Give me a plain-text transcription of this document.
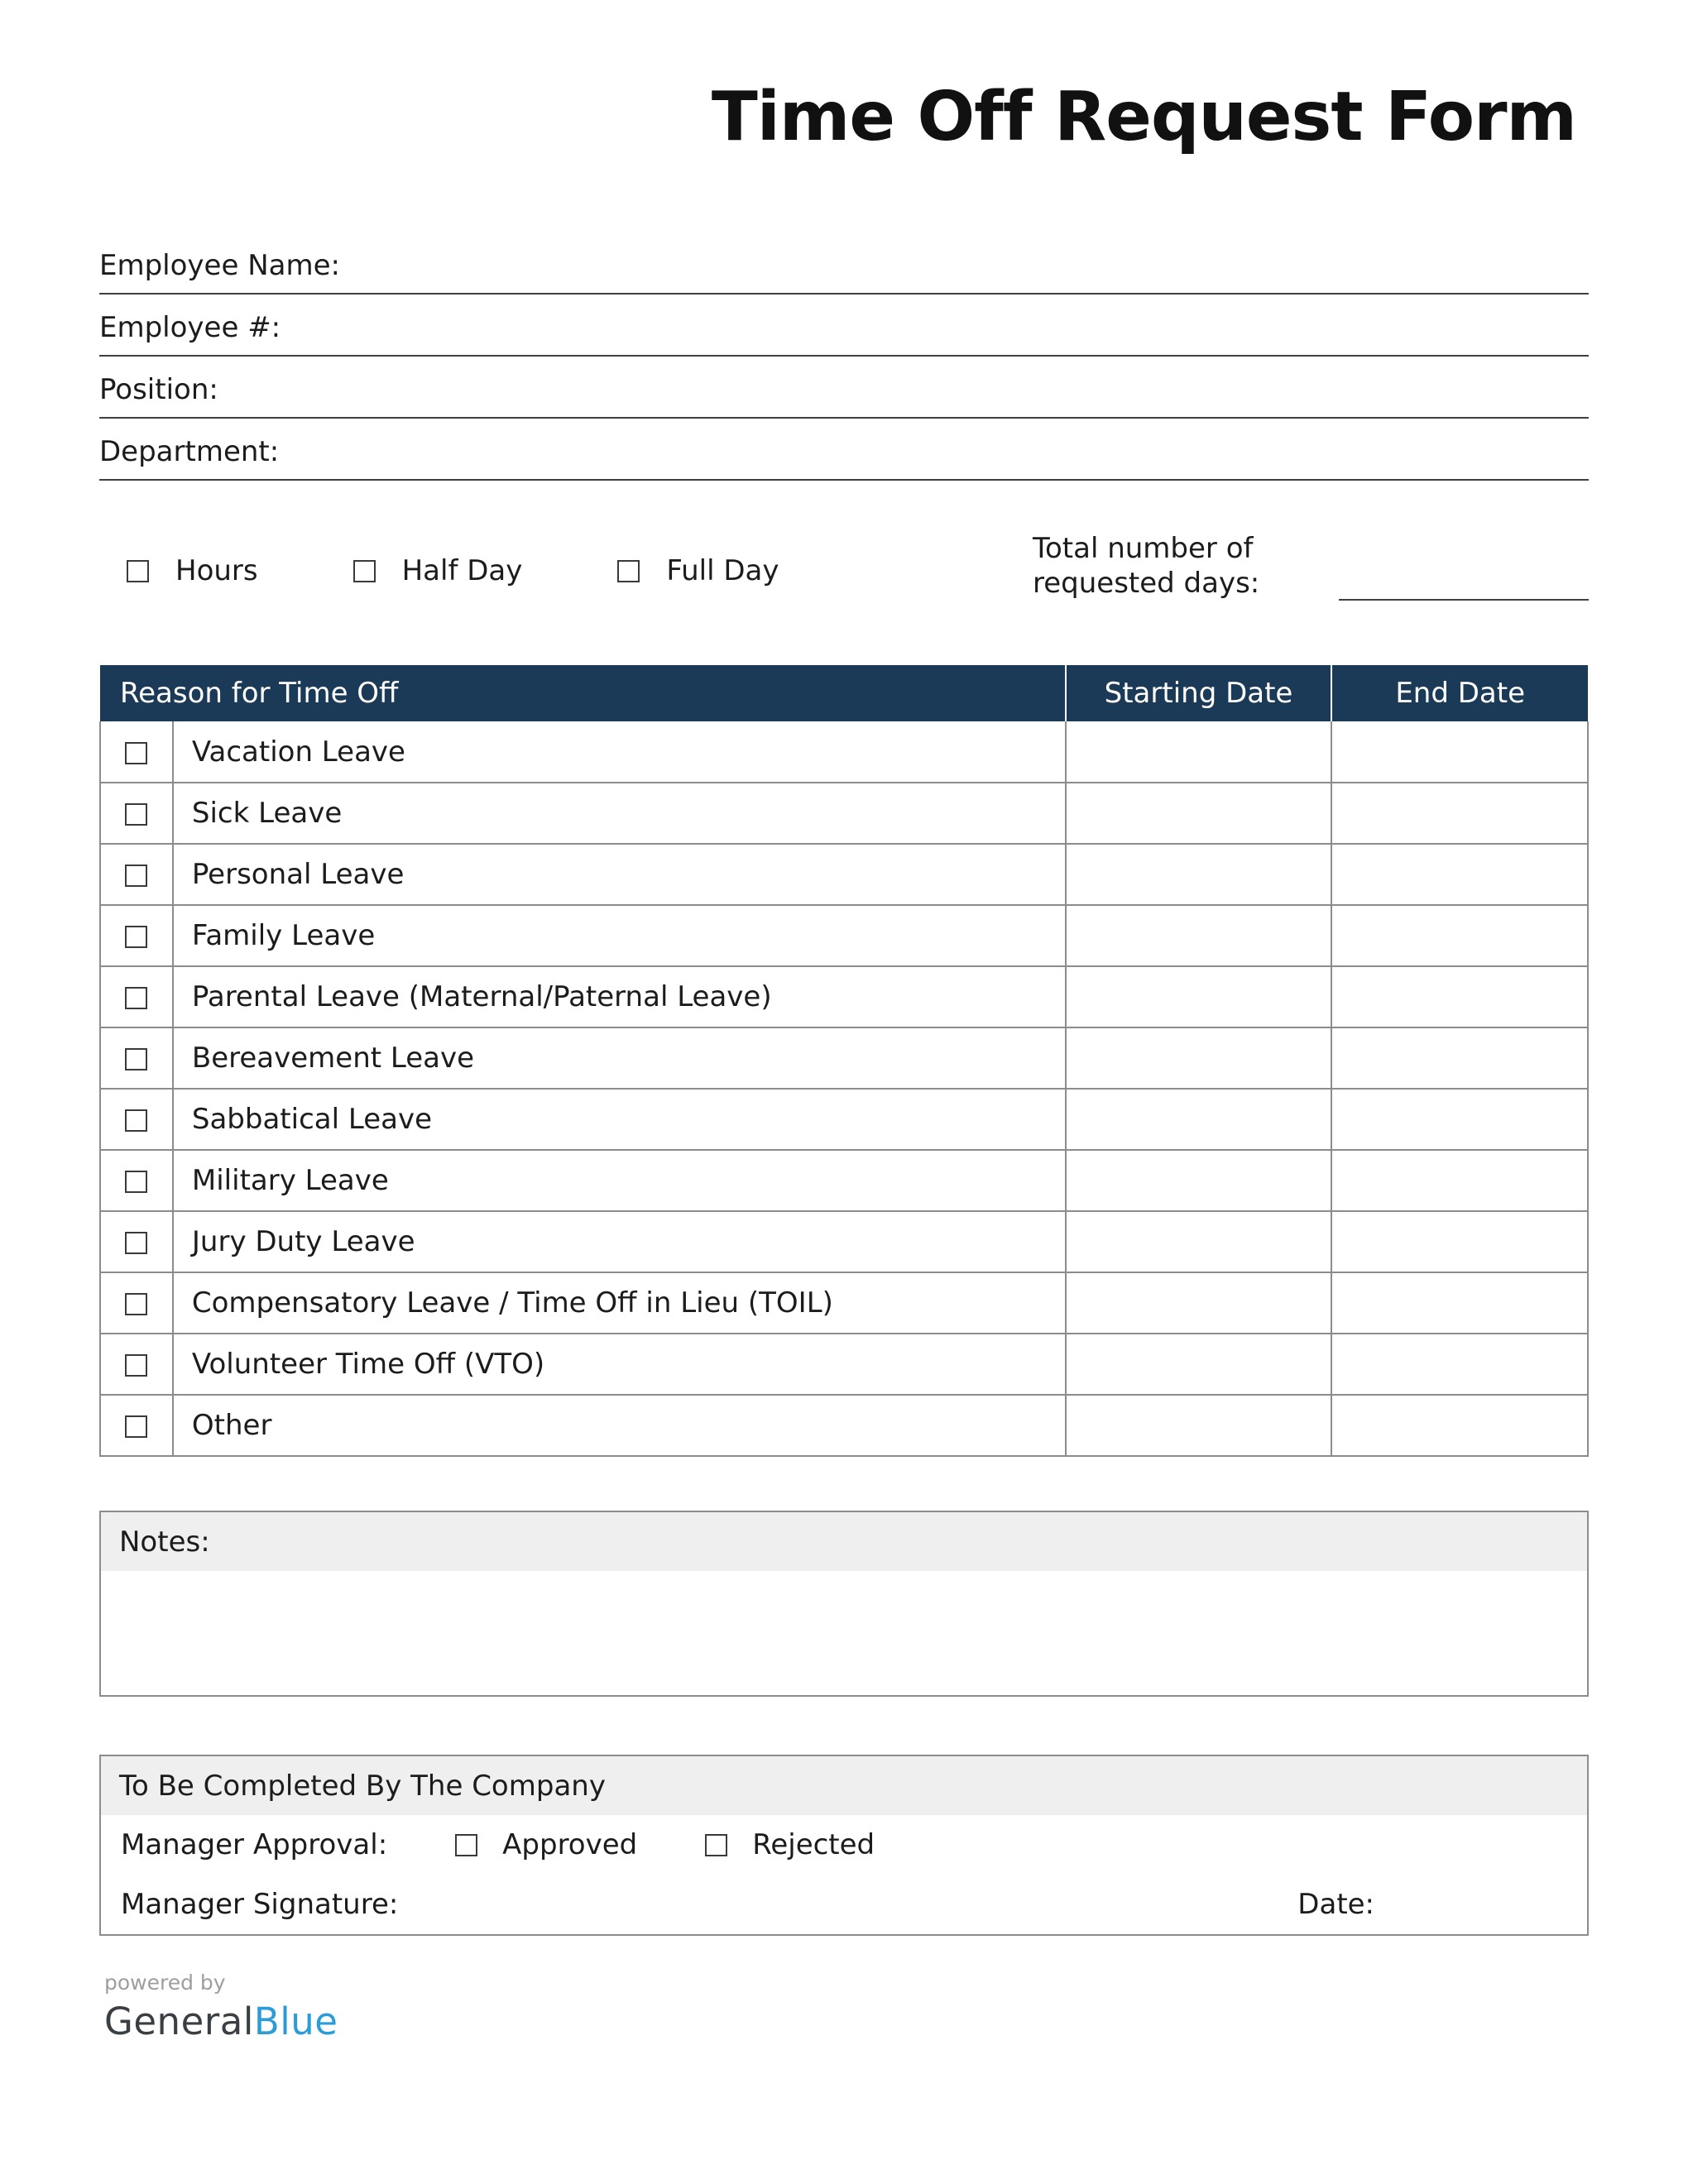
Time Off Request Form
Employee Name:
Employee #:
Position:
Department:
Hours	Half Day	Full Day
Total number of requested days:
Reason for Time Off		Starting Date	End Date
	Vacation Leave		
	Sick Leave		
	Personal Leave		
	Family Leave		
	Parental Leave (Maternal/Paternal Leave)		
	Bereavement Leave		
	Sabbatical Leave		
	Military Leave		
	Jury Duty Leave		
	Compensatory Leave / Time Off in Lieu (TOIL)		
	Volunteer Time Off (VTO)		
	Other		
Notes:
To Be Completed By The Company
Manager Approval:	Approved	Rejected
Manager Signature:	Date:
powered by
GeneralBlue
